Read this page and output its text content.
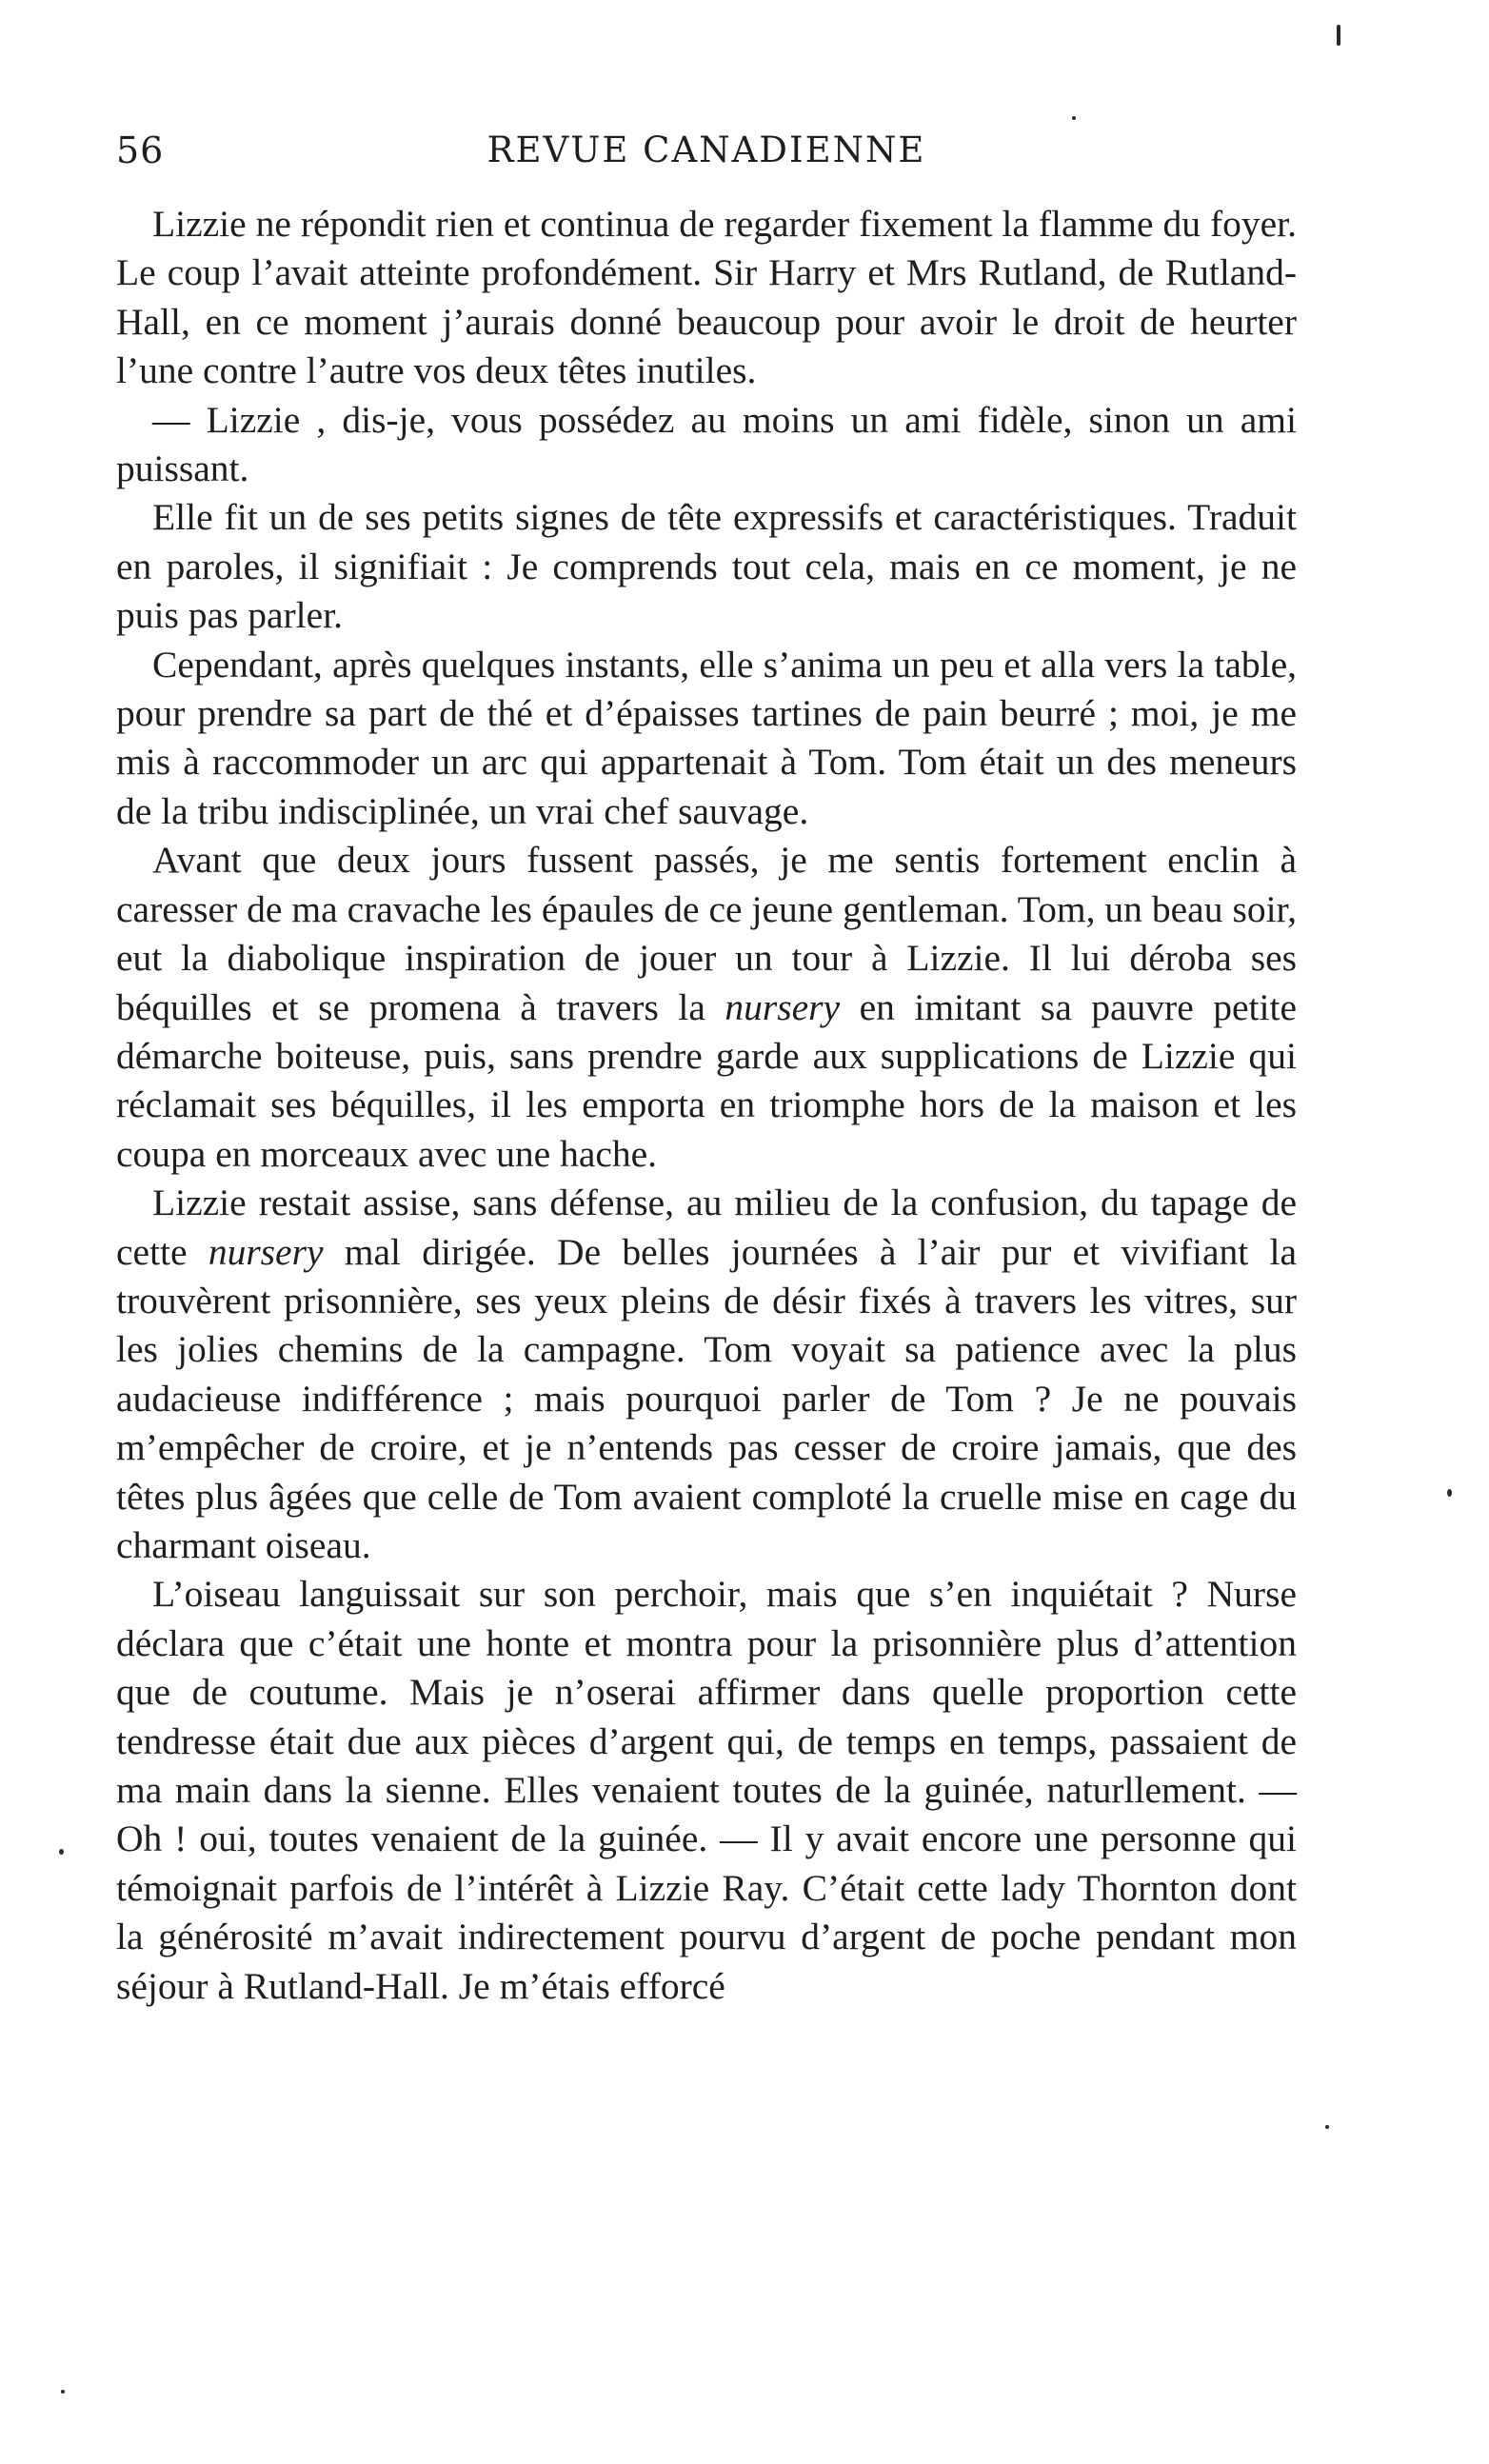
56	REVUE CANADIENNE

Lizzie ne répondit rien et continua de regarder fixement la flamme du foyer. Le coup l’avait atteinte profondément. Sir Harry et Mrs Rutland, de Rutland-Hall, en ce moment j’aurais donné beaucoup pour avoir le droit de heurter l’une contre l’autre vos deux têtes inutiles.

— Lizzie , dis-je, vous possédez au moins un ami fidèle, sinon un ami puissant.

Elle fit un de ses petits signes de tête expressifs et caractéristiques. Traduit en paroles, il signifiait : Je comprends tout cela, mais en ce moment, je ne puis pas parler.

Cependant, après quelques instants, elle s’anima un peu et alla vers la table, pour prendre sa part de thé et d’épaisses tartines de pain beurré ; moi, je me mis à raccommoder un arc qui appartenait à Tom. Tom était un des meneurs de la tribu indisciplinée, un vrai chef sauvage.

Avant que deux jours fussent passés, je me sentis fortement enclin à caresser de ma cravache les épaules de ce jeune gentleman. Tom, un beau soir, eut la diabolique inspiration de jouer un tour à Lizzie. Il lui déroba ses béquilles et se promena à travers la nursery en imitant sa pauvre petite démarche boiteuse, puis, sans prendre garde aux supplications de Lizzie qui réclamait ses béquilles, il les emporta en triomphe hors de la maison et les coupa en morceaux avec une hache.

Lizzie restait assise, sans défense, au milieu de la confusion, du tapage de cette nursery mal dirigée. De belles journées à l’air pur et vivifiant la trouvèrent prisonnière, ses yeux pleins de désir fixés à travers les vitres, sur les jolies chemins de la campagne. Tom voyait sa patience avec la plus audacieuse indifférence ; mais pourquoi parler de Tom ? Je ne pouvais m’empêcher de croire, et je n’entends pas cesser de croire jamais, que des têtes plus âgées que celle de Tom avaient comploté la cruelle mise en cage du charmant oiseau.

L’oiseau languissait sur son perchoir, mais que s’en inquiétait ? Nurse déclara que c’était une honte et montra pour la prisonnière plus d’attention que de coutume. Mais je n’oserai affirmer dans quelle proportion cette tendresse était due aux pièces d’argent qui, de temps en temps, passaient de ma main dans la sienne. Elles venaient toutes de la guinée, naturllement. — Oh ! oui, toutes venaient de la guinée. — Il y avait encore une personne qui témoignait parfois de l’intérêt à Lizzie Ray. C’était cette lady Thornton dont la générosité m’avait indirectement pourvu d’argent de poche pendant mon séjour à Rutland-Hall. Je m’étais efforcé
